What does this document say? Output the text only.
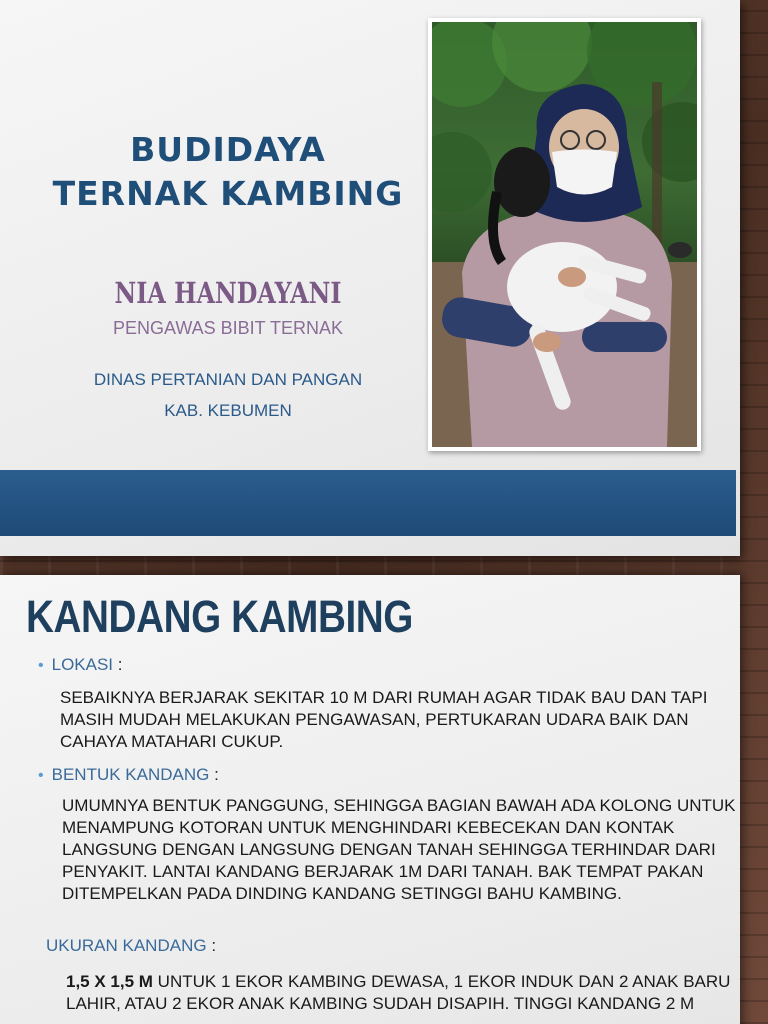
BUDIDAYA
TERNAK KAMBING
NIA HANDAYANI
PENGAWAS BIBIT TERNAK
DINAS PERTANIAN DAN PANGAN
KAB. KEBUMEN
KANDANG KAMBING
• LOKASI :
SEBAIKNYA BERJARAK SEKITAR 10 M DARI RUMAH AGAR TIDAK BAU DAN TAPI MASIH MUDAH MELAKUKAN PENGAWASAN, PERTUKARAN UDARA BAIK DAN CAHAYA MATAHARI CUKUP.
• BENTUK KANDANG :
UMUMNYA BENTUK PANGGUNG, SEHINGGA BAGIAN BAWAH ADA KOLONG UNTUK MENAMPUNG KOTORAN UNTUK MENGHINDARI KEBECEKAN DAN KONTAK LANGSUNG DENGAN LANGSUNG DENGAN TANAH SEHINGGA TERHINDAR DARI PENYAKIT. LANTAI KANDANG BERJARAK 1M DARI TANAH. BAK TEMPAT PAKAN DITEMPELKAN PADA DINDING KANDANG SETINGGI BAHU KAMBING.
UKURAN KANDANG :
1,5 X 1,5 M UNTUK 1 EKOR KAMBING DEWASA, 1 EKOR INDUK DAN 2 ANAK BARU LAHIR, ATAU 2 EKOR ANAK KAMBING SUDAH DISAPIH. TINGGI KANDANG 2 M
